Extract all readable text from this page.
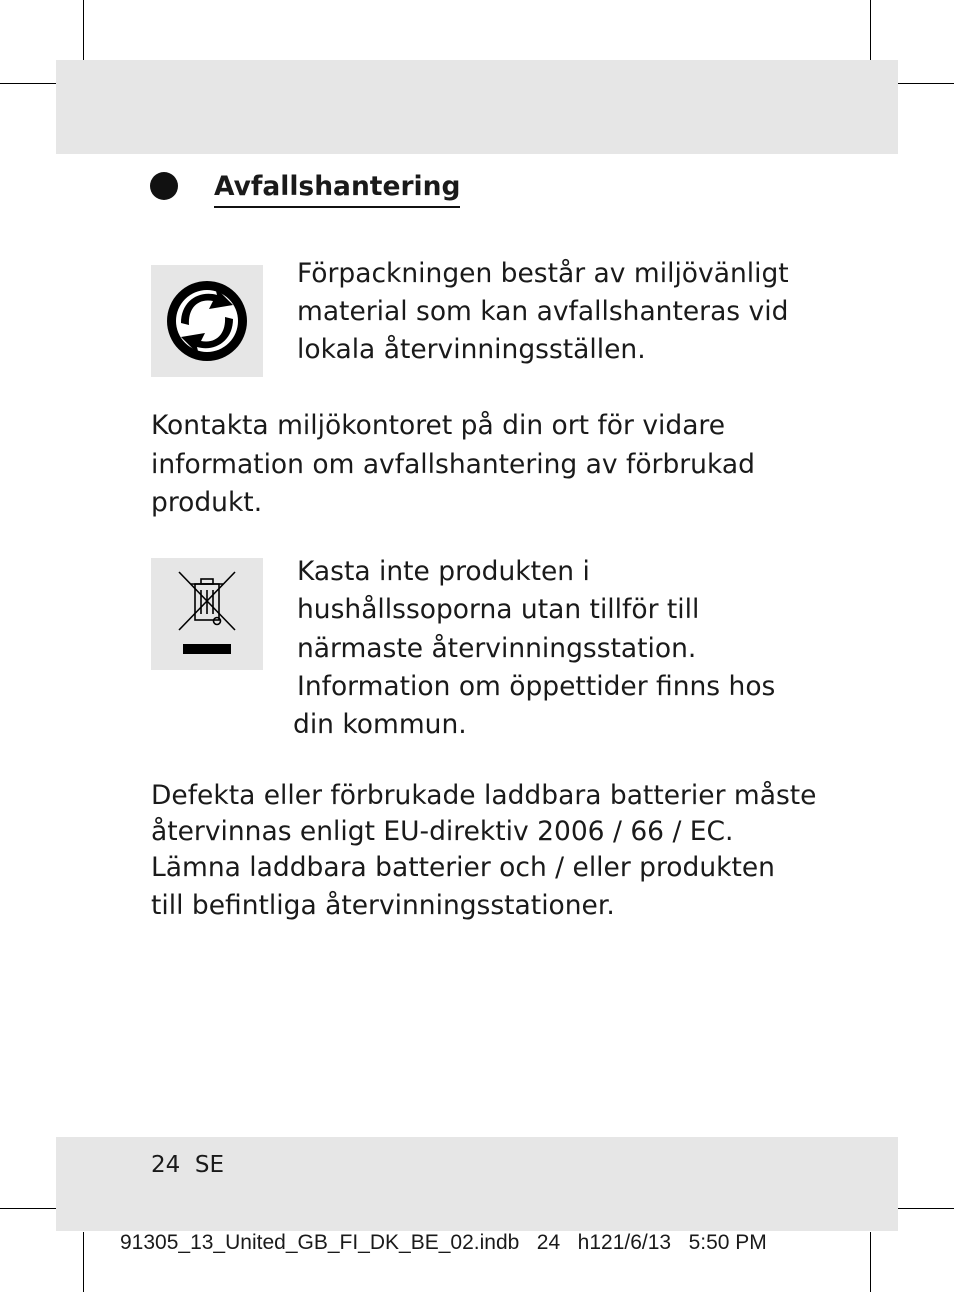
Avfallshantering
Förpackningen består av miljövänligt
material som kan avfallshanteras vid
lokala återvinningsställen.
Kontakta miljökontoret på din ort för vidare
information om avfallshantering av förbrukad
produkt.
Kasta inte produkten i
hushållssoporna utan tillför till
närmaste återvinningsstation.
Information om öppettider finns hos
din kommun.
Defekta eller förbrukade laddbara batterier måste
återvinnas enligt EU-direktiv 2006 / 66 / EC.
Lämna laddbara batterier och / eller produkten
till befintliga återvinningsstationer.
24 SE
91305_13_United_GB_FI_DK_BE_02.indb   24   h121/6/13   5:50 PM
